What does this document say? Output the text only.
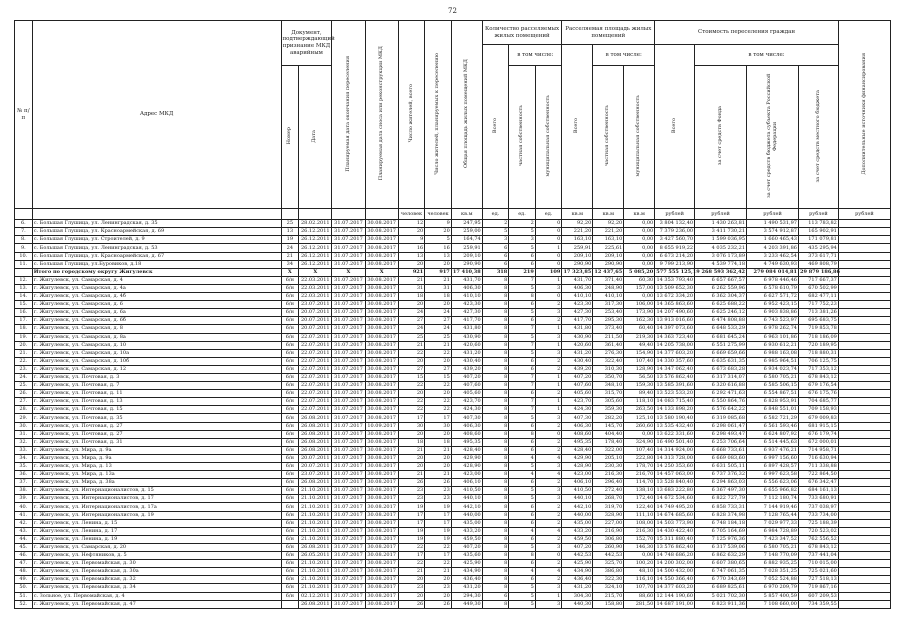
72
№ п/п	Адрес МКД	Документ, подтверждающий признание МКД аварийным		Планируемая дата окончания переселения	Планируемая дата сноса или реконструкции МКД	Число жителей, всего	Число жителей, планируемых к переселению	Общая площадь жилых помещений МКД	Количество расселяемых жилых помещений			Расселяемая площадь жилых помещений			Стоимость переселения граждан				Дополнительные источники финансирования
									Всего	в том числе:		Всего	в том числе:		Всего	в том числе:			
		Номер	Дата							частная собственность	муниципальная собственность		частная собственность	муниципальная собственность		за счет средств Фонда	за счет средств бюджета субъекта Российской Федерации	за счет средств местного бюджета	
						человек	человек	кв.м	ед.	ед.	ед.	кв.м	кв.м	кв.м	рублей	рублей	рублей	рублей	рублей
6.	с. Большая Глушица, ул. Ленинградская, д. 35	25	28.02.2011	31.07.2017	30.08.2017	12	9	247,95	2	2	0	92,20	92,20	0,00	3 804 132,40	1 430 263,81	1 490 531,97	113 783,82	
7.	с. Большая Глушица, ул. Красноармейская, д. 69	13	26.12.2011	31.07.2017	30.08.2017	20	20	259,00	5	5	0	221,20	221,20	0,00	7 379 236,00	3 411 730,21	3 574 912,87	165 902,91	
8.	с. Большая Глушица, ул. Строителей, д. 9	19	26.12.2011	31.07.2017	30.08.2017	9	5	164,74	3	3	0	163,10	163,10	0,00	3 427 560,70	1 599 036,95	1 660 465,43	171 079,81	
9.	с. Большая Глушица, ул. Ленинградская, д. 53	24	26.12.2011	31.07.2017	30.08.2017	16	16	259,91	6	5	1	259,91	225,61	0,00	8 655 919,22	4 035 232,21	4 203 391,86	435 295,94	
10.	с. Большая Глушица, ул. Красноармейская, д. 67	21	26.12.2011	31.07.2017	30.08.2017	13	13	209,10	6	6	0	209,10	209,10	0,00	6 673 214,20	3 076 173,89	3 233 462,54	373 617,71	
11.	с. Большая Глушица, ул.Буровиков, д.18	34	26.12.2011	31.07.2017	30.08.2017	20	20	290,90	6	6	0	290,90	290,90	0,00	9 799 213,90	4 539 774,18	4 749 630,93	469 808,79	
	Итого по городскому округу Жигулевск	X	X	X	X	921	917	17 410,38	318	219	109	17 323,85	12 437,65	5 085,20	577 555 125,19	268 593 362,42	279 084 014,81	29 879 186,86	
12.	г. Жигулевск, ул. Самарская, д. 4	6/н	22.03.2011	31.07.2017	30.08.2017	21	21	431,70	8	7	1	431,70	371,40	60,30	14 353 793,40	6 657 667,57	6 978 446,46	717 667,37	
13.	г. Жигулевск, ул. Самарская, д. 4а	6/н	22.03.2011	31.07.2017	30.08.2017	31	31	406,30	8	5	3	406,30	248,90	157,00	13 509 652,30	6 262 559,96	6 578 610,79	670 502,99	
14.	г. Жигулевск, ул. Самарская, д. 4б	6/н	22.03.2011	31.07.2017	30.08.2017	18	18	410,10	8	8	0	410,10	410,10	0,00	13 672 334,20	6 362 304,37	6 627 571,72	682 477,11	
15.	г. Жигулевск, ул. Самарская, д. 6	6/н	23.07.2011	31.07.2017	30.08.2017	20	20	423,30	8	6	2	423,30	317,30	106,00	14 365 863,60	6 625 688,22	6 952 423,15	717 752,23	
16.	г. Жигулевск, ул. Самарская, д. 6а	6/н	20.07.2011	31.07.2017	30.08.2017	24	24	427,30	8	5	3	427,30	253,40	173,90	14 207 490,60	6 625 246,12	6 903 838,86	713 381,26	
17.	г. Жигулевск, ул. Самарская, д. 6б	6/н	20.07.2011	31.07.2017	30.08.2017	27	27	417,70	8	6	2	417,70	295,30	162,30	13 913 016,60	6 474 808,88	6 743 523,97	695 683,75	
18.	г. Жигулевск, ул. Самарская, д. 8	6/н	20.07.2011	31.07.2017	30.08.2017	24	24	431,80	8	7	1	431,80	373,40	60,40	14 397 073,60	6 648 533,29	6 978 262,74	719 853,78	
19.	г. Жигулевск, ул. Самарская, д. 8а	6/н	22.07.2011	31.07.2017	30.08.2017	25	25	430,90	8	5	3	430,90	211,50	219,30	14 363 723,40	6 681 645,24	6 963 101,86	718 186,09	
20.	г. Жигулевск, ул. Самарская, д. 10	6/н	22.07.2011	31.07.2017	30.08.2017	21	21	420,60	8	7	1	420,60	361,40	49,40	14 205 738,00	6 551 275,99	6 930 612,21	720 189,95	
21.	г. Жигулевск, ул. Самарская, д. 10а	6/н	22.07.2011	31.07.2017	30.08.2017	22	22	431,20	8	5	3	431,20	276,30	154,90	14 377 603,20	6 669 659,66	6 988 163,08	718 880,31	
22.	г. Жигулевск, ул. Самарская, д. 10б	6/н	22.07.2011	31.07.2017	30.08.2017	20	20	430,40	8	6	2	430,40	322,40	107,40	14 330 357,60	6 635 631,35	6 985 964,51	706 125,75	
23.	г. Жигулевск, ул. Самарская, д. 12	6/н	22.07.2011	31.07.2017	30.08.2017	27	27	439,20	8	6	2	439,20	310,30	128,90	14 347 062,40	6 673 683,28	6 934 023,74	717 353,12	
24.	г. Жигулевск, ул. Почтовая, д. 3	6/н	22.07.2011	31.07.2017	30.08.2017	15	15	407,20	8	7	1	407,20	350,70	56,50	13 576 862,40	6 317 314,07	6 580 705,21	678 843,12	
25.	г. Жигулевск, ул. Почтовая, д. 7	6/н	22.07.2011	31.07.2017	30.08.2017	22	22	407,60	8	7	1	407,60	348,10	159,30	13 585 391,60	6 320 616,88	6 585 506,15	679 176,54	
26.	г. Жигулевск, ул. Почтовая, д. 11	6/н	22.07.2011	31.07.2017	30.08.2017	20	20	405,60	8	6	2	405,60	315,70	89,40	13 523 533,20	6 292 471,63	6 554 867,51	676 175,76	
27.	г. Жигулевск, ул. Почтовая, д. 13	6/н	22.07.2011	31.07.2017	30.08.2017	22	22	423,70	8	7	1	423,70	305,60	118,10	14 083 715,40	6 550 864,76	6 828 953,91	704 685,77	
28.	г. Жигулевск, ул. Почтовая, д. 15	6/н	22.07.2011	31.07.2017	30.08.2017	22	22	424,30	8	7	1	424,30	359,30	263,50	14 133 898,20	6 576 642,22	6 848 551,01	709 158,93	
29.	г. Жигулевск, ул. Почтовая, д. 35	6/н	26.08.2011	31.07.2017	30.08.2017	17	17	407,30	8	5	3	407,30	282,20	125,10	13 580 190,40	6 319 085,68	6 582 721,29	679 009,83	
30.	г. Жигулевск, ул. Почтовая, д. 27	6/н	26.08.2011	31.07.2017	10.09.2017	30	30	406,30	8	6	2	406,30	145,70	260,60	13 535 432,40	6 298 061,47	6 561 593,46	681 915,15	
31.	г. Жигулевск, ул. Почтовая, д. 27	6/н	26.08.2011	31.07.2017	30.08.2017	20	20	408,60	8	8	0	408,60	404,40	0,00	13 622 331,60	6 298 493,47	6 624 807,92	676 179,74	
32.	г. Жигулевск, ул. Почтовая, д. 31	6/н	26.08.2011	31.07.2017	30.08.2017	18	18	495,35	8	6	2	495,35	178,40	324,90	16 490 501,40	6 253 706,64	6 514 445,63	672 000,01	
33.	г. Жигулевск, ул. Мира, д. 9а	6/н	26.08.2011	31.07.2017	30.08.2017	21	21	428,40	8	6	2	428,40	322,00	107,40	14 314 924,00	6 668 733,61	6 937 476,21	714 958,71	
34.	г. Жигулевск, ул. Мира, д. 9а	6/н	20.07.2011	31.07.2017	30.08.2017	20	20	429,90	8	4	4	429,90	205,10	222,80	14 313 728,00	6 669 083,60	6 997 156,60	716 630,94	
35.	г. Жигулевск, ул. Мира, д. 13	6/н	20.07.2011	31.07.2017	30.08.2017	20	20	428,90	8	5	3	428,90	230,30	178,70	14 250 353,60	6 631 505,11	6 897 428,57	711 338,88	
36.	г. Жигулевск, ул. Мира, д. 13а	6/н	23.07.2011	31.07.2017	30.08.2017	21	21	423,00	8	4	4	423,00	216,30	216,70	14 457 063,00	6 737 376,32	6 997 623,58	722 864,50	
37.	г. Жигулевск, ул. Мира, д. 38а	6/н	26.08.2011	31.07.2017	30.08.2017	26	26	406,10	8	6	2	406,10	296,40	114,70	13 528 840,40	6 294 863,03	6 556 623,06	676 342,47	
38.	г. Жигулевск, ул. Интернационалистов, д. 15	6/н	21.10.2011	31.07.2017	30.08.2017	23	23	410,50	8	5	3	410,50	272,40	138,10	13 683 222,80	6 367 497,30	6 655 966,82	684 161,13	
39.	г. Жигулевск, ул. Интернационалистов, д. 17	6/н	21.10.2011	31.07.2017	30.08.2017	23	23	440,10	8	5	3	440,10	268,70	172,40	14 672 534,60	6 822 727,79	7 112 180,74	733 680,91	
40.	г. Жигулевск, ул. Интернационалистов, д. 17а	6/н	21.10.2011	31.07.2017	30.08.2017	19	19	442,10	8	6	2	442,10	319,70	122,40	14 749 495,20	6 858 733,31	7 144 919,46	737 038,97	
41.	г. Жигулевск, ул. Интернационалистов, д. 19	6/н	21.10.2011	31.07.2017	30.08.2017	17	17	440,00	8	6	2	440,00	328,90	111,10	14 674 685,60	6 828 374,98	7 128 765,44	733 734,00	
42.	г. Жигулевск, ул. Ленина, д. 15	6/н	21.10.2011	31.07.2017	30.08.2017	17	17	435,00	8	6	2	435,00	227,00	108,00	14 503 773,90	6 748 184,18	7 029 977,33	725 188,39	
43.	г. Жигулевск, ул. Ленина, д. 17	6/н	21.10.2011	31.07.2017	30.08.2017	19	19	433,20	8	4	4	433,20	216,90	216,30	14 430 422,40	6 705 164,69	6 984 728,89	720 523,02	
44.	г. Жигулевск, ул. Ленина, д. 19	6/н	21.10.2011	31.07.2017	30.08.2017	19	19	459,50	8	6	2	459,50	306,80	152,70	15 311 880,40	7 125 976,36	7 423 347,52	762 556,52	
45.	г. Жигулевск, ул. Самарская, д. 20	6/н	26.08.2011	31.07.2017	30.08.2017	22	22	407,20	8	5	3	407,20	260,90	146,30	13 576 862,40	6 317 539,06	6 580 705,21	678 843,12	
46.	г. Жигулевск, ул. Нефтяников, д. 5	6/н	26.05.2011	31.07.2017	30.08.2017	17	17	435,60	8	8	0	442,53	442,53	0,00	14 748 686,20	6 862 632,29	7 148 770,09	737 441,04	
47.	г. Жигулевск, ул. Первомайская, д. 30	6/н	21.10.2011	31.07.2017	30.08.2017	22	22	425,90	8	6	2	425,90	325,70	100,20	14 200 302,00	6 607 380,65	6 882 935,25	710 015,00	
48.	г. Жигулевск, ул. Первомайская, д. 30а	6/н	21.10.2011	31.07.2017	30.08.2017	21	21	434,90	8	4	4	434,90	386,80	48,10	14 500 432,00	6 747 061,35	7 028 351,25	725 021,60	
49.	г. Жигулевск, ул. Первомайская, д. 32	6/н	21.10.2011	31.07.2017	30.08.2017	20	20	436,40	8	6	2	436,40	322,30	116,10	14 550 366,40	6 770 343,69	7 052 524,88	727 518,13	
50.	г. Жигулевск, ул. Первомайская, д. 34	6/н	21.10.2011	31.07.2017	30.08.2017	23	23	431,20	8	5	3	431,20	324,10	107,70	14 377 603,20	6 689 825,61	6 970 209,79	719 867,16	
51.	с. Зольное, ул. Первомайская, д. 4	6/н	02.12.2011	31.07.2017	30.08.2017	20	20	294,30	6	5	1	304,30	215,70	88,60	12 144 190,60	5 021 702,30	5 857 400,59	607 209,53	
52.	г. Жигулевск, ул. Первомайская, д. 47		26.08.2011	31.07.2017	30.08.2017	26	26	449,30	8	5	3	440,30	158,80	281,50	14 687 191,00	6 823 911,36	7 108 660,00	734 359,55	
